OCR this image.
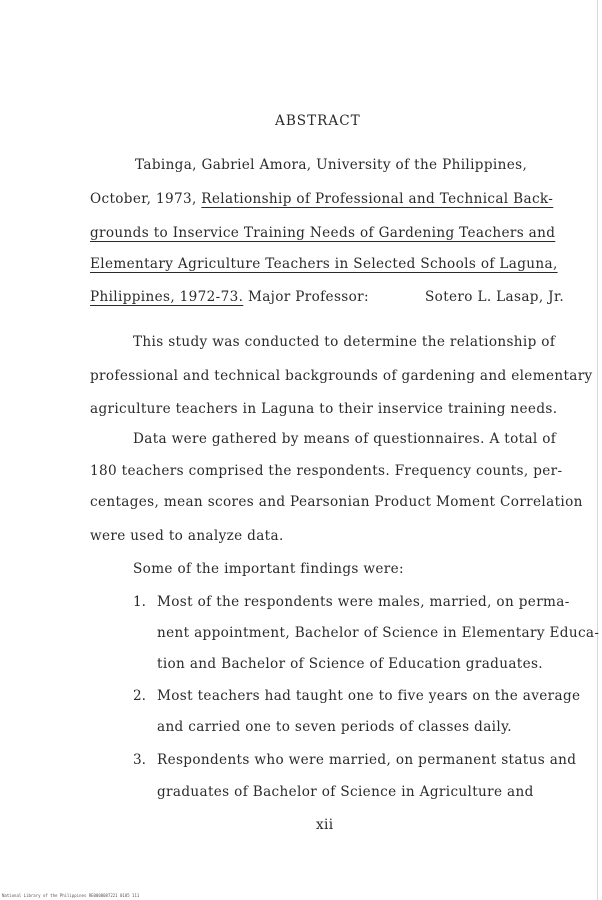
ABSTRACT
Tabinga, Gabriel Amora, University of the Philippines,
October, 1973, Relationship of Professional and Technical Back-
grounds to Inservice Training Needs of Gardening Teachers and
Elementary Agriculture Teachers in Selected Schools of Laguna,
Philippines, 1972-73. Major Professor:	Sotero L. Lasap, Jr.
This study was conducted to determine the relationship of
professional and technical backgrounds of gardening and elementary
agriculture teachers in Laguna to their inservice training needs.
Data were gathered by means of questionnaires. A total of
180 teachers comprised the respondents. Frequency counts, per-
centages, mean scores and Pearsonian Product Moment Correlation
were used to analyze data.
Some of the important findings were:
1. Most of the respondents were males, married, on perma-
nent appointment, Bachelor of Science in Elementary Educa-
tion and Bachelor of Science of Education graduates.
2. Most teachers had taught one to five years on the average
and carried one to seven periods of classes daily.
3. Respondents who were married, on permanent status and
graduates of Bachelor of Science in Agriculture and
xii
National Library of the Philippines RE0000087221 0185 111
